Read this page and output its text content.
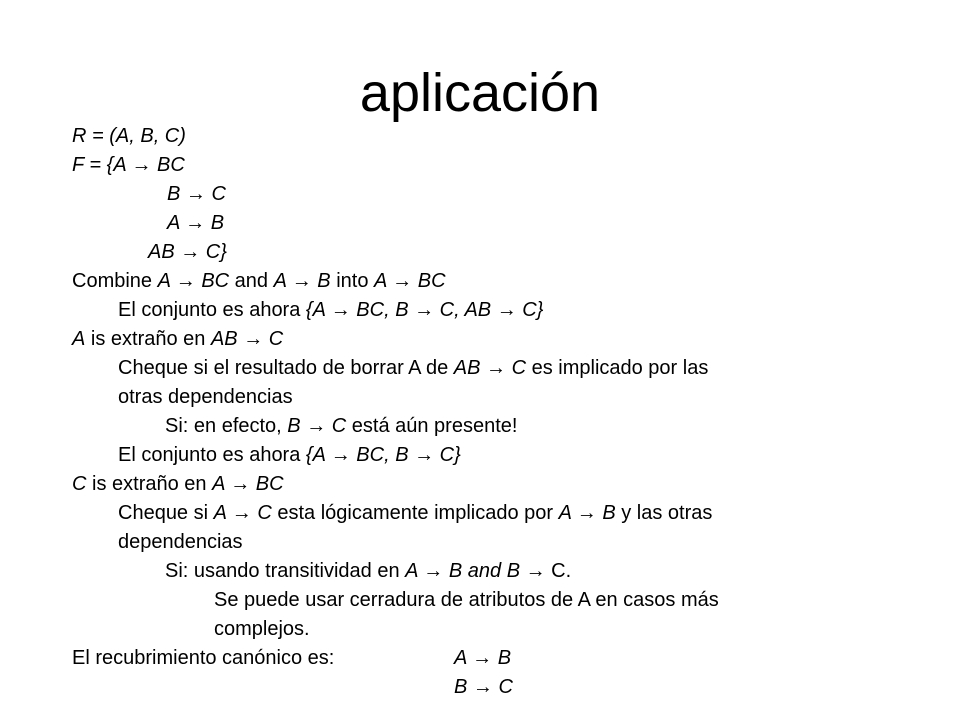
aplicación
R = (A, B, C)
F = {A → BC
B → C
A → B
AB → C}
Combine A → BC and A → B into A → BC
El conjunto es ahora {A → BC, B → C, AB → C}
A is extraño en AB → C
Cheque si el resultado de borrar A de AB → C es implicado por las
otras dependencias
Si: en efecto, B → C está aún presente!
El conjunto es ahora {A → BC, B → C}
C is extraño en A → BC
Cheque si A → C esta lógicamente implicado por A → B y las otras
dependencias
Si: usando transitividad en A → B and B → C.
Se puede usar cerradura de atributos de A en casos más
complejos.
El recubrimiento canónico es:	A → B
B → C
